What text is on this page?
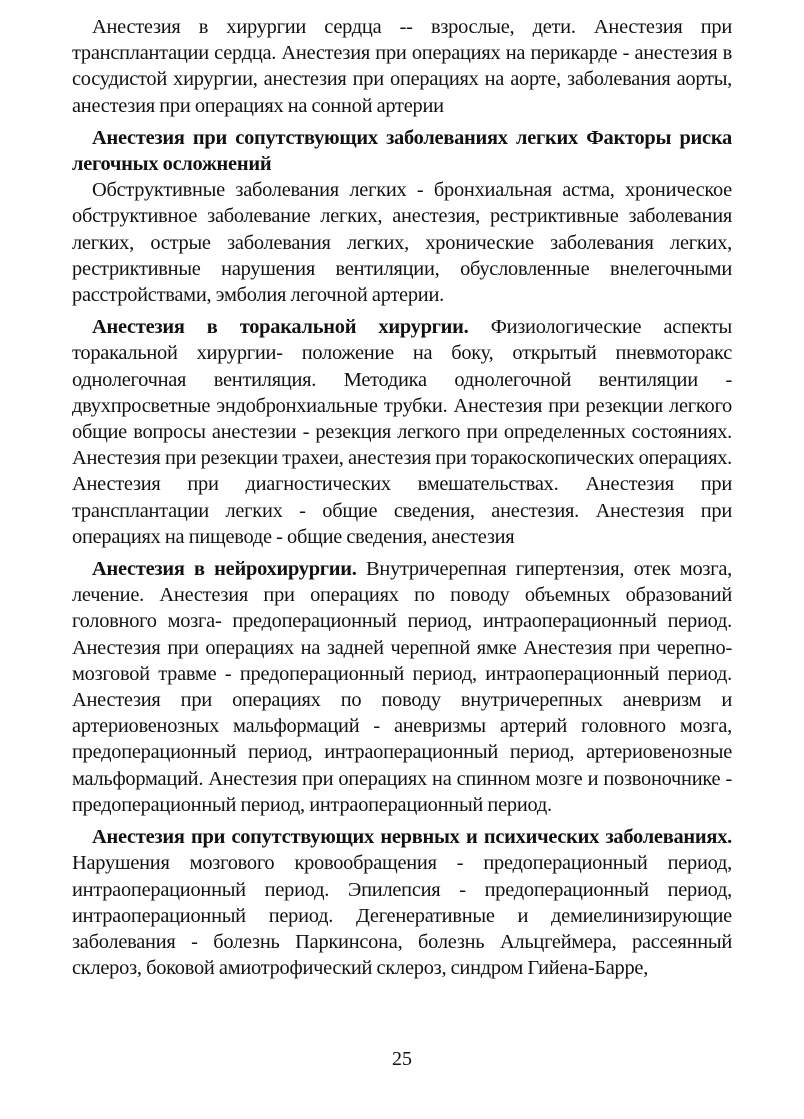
Анестезия в хирургии сердца -- взрослые, дети. Анестезия при трансплантации сердца. Анестезия при операциях на перикарде - анестезия в сосудистой хирургии, анестезия при операциях на аорте, заболевания аорты, анестезия при операциях на сонной артерии

Анестезия при сопутствующих заболеваниях легких Факторы риска легочных осложнений

Обструктивные заболевания легких - бронхиальная астма, хроническое обструктивное заболевание легких, анестезия, рестриктивные заболевания легких, острые заболевания легких, хронические заболевания легких, рестриктивные нарушения вентиляции, обусловленные внелегочными расстройствами, эмболия легочной артерии.

Анестезия в торакальной хирургии. Физиологические аспекты торакальной хирургии- положение на боку, открытый пневмоторакс однолегочная вентиляция. Методика однолегочной вентиляции - двухпросветные эндобронхиальные трубки. Анестезия при резекции легкого общие вопросы анестезии - резекция легкого при определенных состояниях. Анестезия при резекции трахеи, анестезия при торакоскопических операциях. Анестезия при диагностических вмешательствах. Анестезия при трансплантации легких - общие сведения, анестезия. Анестезия при операциях на пищеводе - общие сведения, анестезия

Анестезия в нейрохирургии. Внутричерепная гипертензия, отек мозга, лечение. Анестезия при операциях по поводу объемных образований головного мозга- предоперационный период, интраоперационный период. Анестезия при операциях на задней черепной ямке Анестезия при черепно-мозговой травме - предоперационный период, интраоперационный период. Анестезия при операциях по поводу внутричерепных аневризм и артериовенозных мальформаций - аневризмы артерий головного мозга, предоперационный период, интраоперационный период, артериовенозные мальформаций. Анестезия при операциях на спинном мозге и позвоночнике - предоперационный период, интраоперационный период.

Анестезия при сопутствующих нервных и психических заболеваниях. Нарушения мозгового кровообращения - предоперационный период, интраоперационный период. Эпилепсия - предоперационный период, интраоперационный период. Дегенеративные и демиелинизирующие заболевания - болезнь Паркинсона, болезнь Альцгеймера, рассеянный склероз, боковой амиотрофический склероз, синдром Гийена-Барре,

25
